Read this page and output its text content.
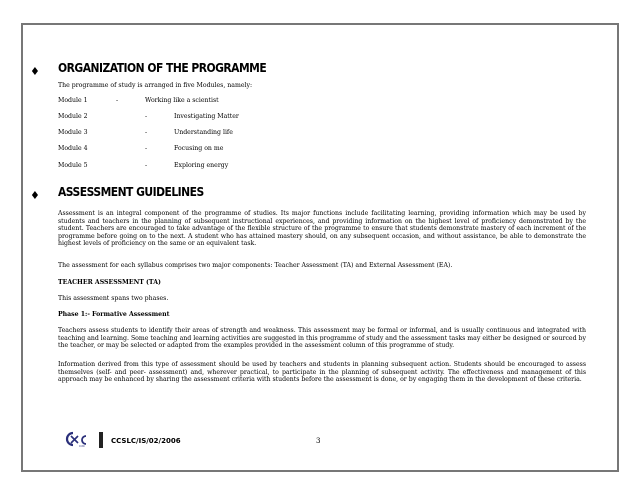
♦ ORGANIZATION OF THE PROGRAMME
The programme of study is arranged in five Modules, namely:
Module 1	-	Working like a scientist
Module 2	-	Investigating Matter
Module 3	-	Understanding life
Module 4	-	Focusing on me
Module 5	-	Exploring energy
♦ ASSESSMENT GUIDELINES
Assessment is an integral component of the programme of studies. Its major functions include facilitating learning, providing information which may be used by students and teachers in the planning of subsequent instructional experiences, and providing information on the highest level of proficiency demonstrated by the student. Teachers are encouraged to take advantage of the flexible structure of the programme to ensure that students demonstrate mastery of each increment of the programme before going on to the next. A student who has attained mastery should, on any subsequent occasion, and without assistance, be able to demonstrate the highest levels of proficiency on the same or an equivalent task.
The assessment for each syllabus comprises two major components: Teacher Assessment (TA) and External Assessment (EA).
TEACHER ASSESSMENT (TA)
This assessment spans two phases.
Phase 1:- Formative Assessment
Teachers assess students to identify their areas of strength and weakness. This assessment may be formal or informal, and is usually continuous and integrated with teaching and learning. Some teaching and learning activities are suggested in this programme of study and the assessment tasks may either be designed or sourced by the teacher, or may be selected or adapted from the examples provided in the assessment column of this programme of study.
Information derived from this type of assessment should be used by teachers and students in planning subsequent action. Students should be encouraged to assess themselves (self- and peer- assessment) and, wherever practical, to participate in the planning of subsequent activity. The effectiveness and management of this approach may be enhanced by sharing the assessment criteria with students before the assessment is done, or by engaging them in the development of these criteria.
CXC
CCSLC/IS/02/2006	3
